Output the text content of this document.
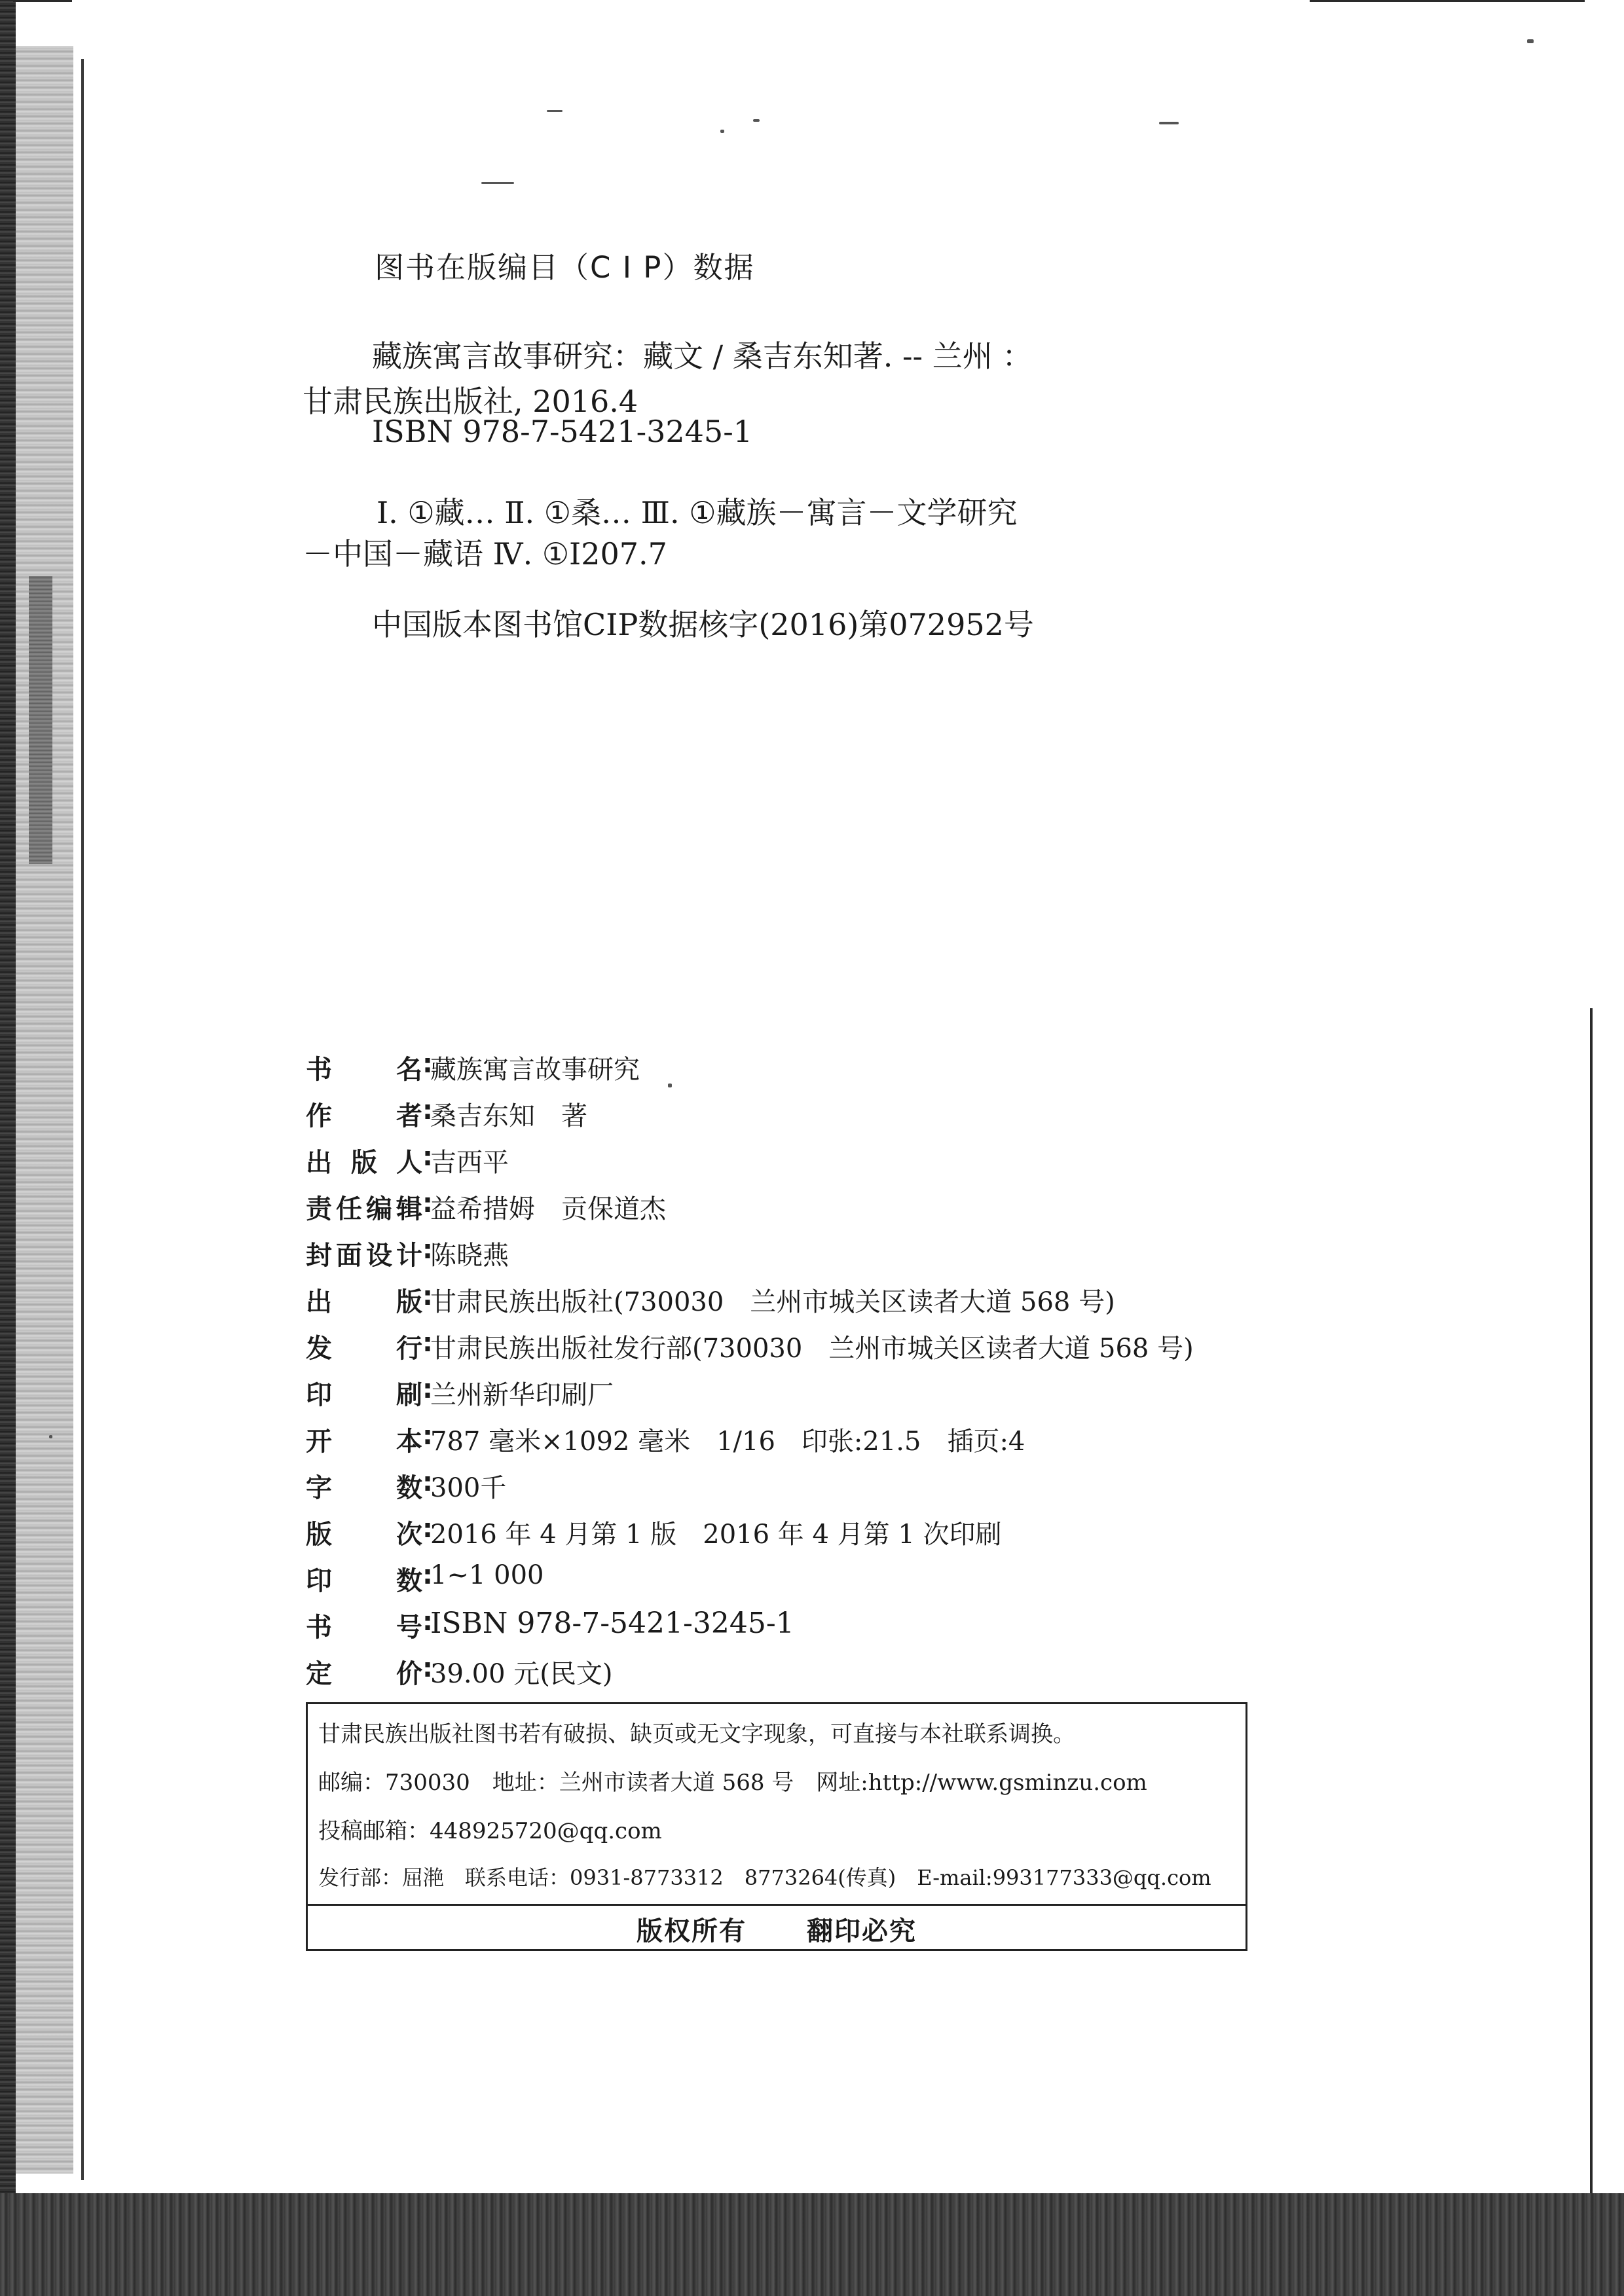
图书在版编目（C I P）数据
藏族寓言故事研究：藏文 / 桑吉东知著. -- 兰州 ：
甘肃民族出版社, 2016.4
ISBN 978-7-5421-3245-1
Ⅰ. ①藏… Ⅱ. ①桑… Ⅲ. ①藏族－寓言－文学研究
－中国－藏语 Ⅳ. ①I207.7
中国版本图书馆CIP数据核字(2016)第072952号
书 名 :
藏族寓言故事研究
作 者 :
桑吉东知　著
出 版 人 :
吉西平
责 任 编 辑 :
益希措姆　贡保道杰
封 面 设 计 :
陈晓燕
出 版 :
甘肃民族出版社(730030　兰州市城关区读者大道 568 号)
发 行 :
甘肃民族出版社发行部(730030　兰州市城关区读者大道 568 号)
印 刷 :
兰州新华印刷厂
开 本 :
787 毫米×1092 毫米　1/16　印张:21.5　插页:4
字 数 :
300千
版 次 :
2016 年 4 月第 1 版　2016 年 4 月第 1 次印刷
印 数 :
1~1 000
书 号 :
ISBN 978-7-5421-3245-1
定 价 :
39.00 元(民文)
甘肃民族出版社图书若有破损、缺页或无文字现象，可直接与本社联系调换。
邮编：730030　地址：兰州市读者大道 568 号　网址:http://www.gsminzu.com
投稿邮箱：448925720@qq.com
发行部：屈滟　联系电话：0931-8773312　8773264(传真)　E-mail:993177333@qq.com
版权所有 翻印必究
